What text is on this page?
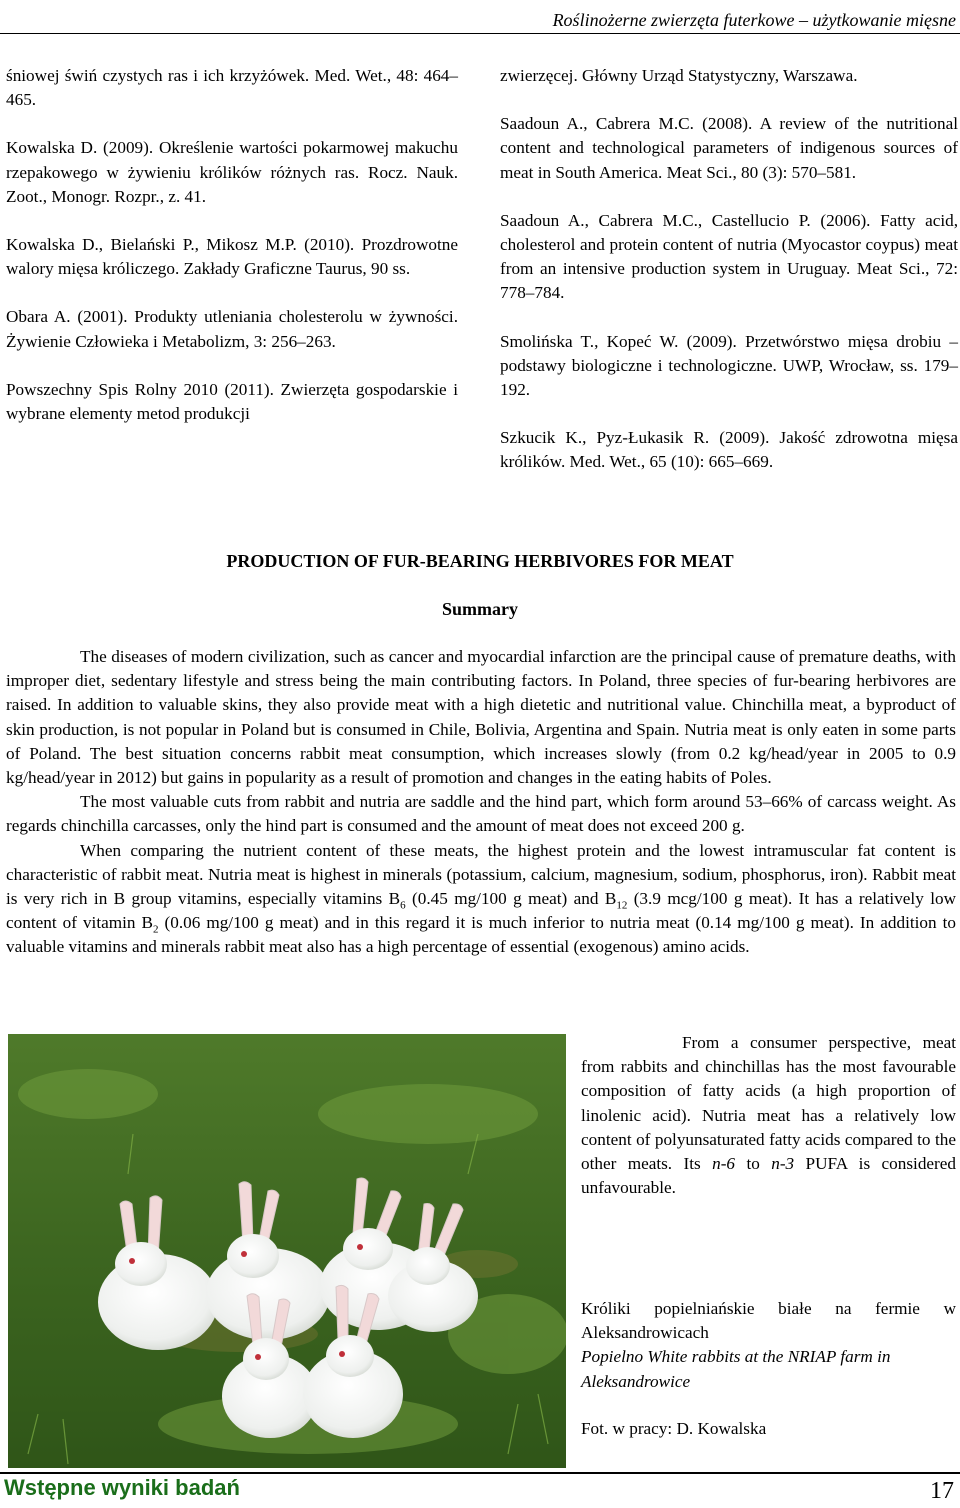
Roślinożerne zwierzęta futerkowe – użytkowanie mięsne
śniowej świń czystych ras i ich krzyżówek. Med. Wet., 48: 464–465.
Kowalska D. (2009). Określenie wartości pokarmowej makuchu rzepakowego w żywieniu królików różnych ras. Rocz. Nauk. Zoot., Monogr. Rozpr., z. 41.
Kowalska D., Bielański P., Mikosz M.P. (2010). Prozdrowotne walory mięsa króliczego. Zakłady Graficzne Taurus, 90 ss.
Obara A. (2001). Produkty utleniania cholesterolu w żywności. Żywienie Człowieka i Metabolizm, 3: 256–263.
Powszechny Spis Rolny 2010 (2011). Zwierzęta gospodarskie i wybrane elementy metod produkcji
zwierzęcej. Główny Urząd Statystyczny, Warszawa.
Saadoun A., Cabrera M.C. (2008). A review of the nutritional content and technological parameters of indigenous sources of meat in South America. Meat Sci., 80 (3): 570–581.
Saadoun A., Cabrera M.C., Castellucio P. (2006). Fatty acid, cholesterol and protein content of nutria (Myocastor coypus) meat from an intensive production system in Uruguay. Meat Sci., 72: 778–784.
Smolińska T., Kopeć W. (2009). Przetwórstwo mięsa drobiu – podstawy biologiczne i technologiczne. UWP, Wrocław, ss. 179–192.
Szkucik K., Pyz-Łukasik R. (2009). Jakość zdrowotna mięsa królików. Med. Wet., 65 (10): 665–669.
PRODUCTION OF FUR-BEARING HERBIVORES FOR MEAT
Summary

The diseases of modern civilization, such as cancer and myocardial infarction are the principal cause of premature deaths, with improper diet, sedentary lifestyle and stress being the main contributing factors. In Poland, three species of fur-bearing herbivores are raised. In addition to valuable skins, they also provide meat with a high dietetic and nutritional value. Chinchilla meat, a byproduct of skin production, is not popular in Poland but is consumed in Chile, Bolivia, Argentina and Spain. Nutria meat is only eaten in some parts of Poland. The best situation concerns rabbit meat consumption, which increases slowly (from 0.2 kg/head/year in 2005 to 0.9 kg/head/year in 2012) but gains in popularity as a result of promotion and changes in the eating habits of Poles.

The most valuable cuts from rabbit and nutria are saddle and the hind part, which form around 53–66% of carcass weight. As regards chinchilla carcasses, only the hind part is consumed and the amount of meat does not exceed 200 g.

When comparing the nutrient content of these meats, the highest protein and the lowest intramuscular fat content is characteristic of rabbit meat. Nutria meat is highest in minerals (potassium, calcium, magnesium, sodium, phosphorus, iron). Rabbit meat is very rich in B group vitamins, especially vitamins $B_6$ (0.45 mg/100 g meat) and $B_{12}$ (3.9 mcg/100 g meat). It has a relatively low content of vitamin $B_2$ (0.06 mg/100 g meat) and in this regard it is much inferior to nutria meat (0.14 mg/100 g meat). In addition to valuable vitamins and minerals rabbit meat also has a high percentage of essential (exogenous) amino acids.

From a consumer perspective, meat from rabbits and chinchillas has the most favourable composition of fatty acids (a high proportion of linolenic acid). Nutria meat has a relatively low content of polyunsaturated fatty acids compared to the other meats. Its n-6 to n-3 PUFA is considered unfavourable.

Króliki popielniańskie białe na fermie w Aleksandrowicach
Popielno White rabbits at the NRIAP farm in Aleksandrowice
Fot. w pracy: D. Kowalska
Wstępne wyniki badań	17
